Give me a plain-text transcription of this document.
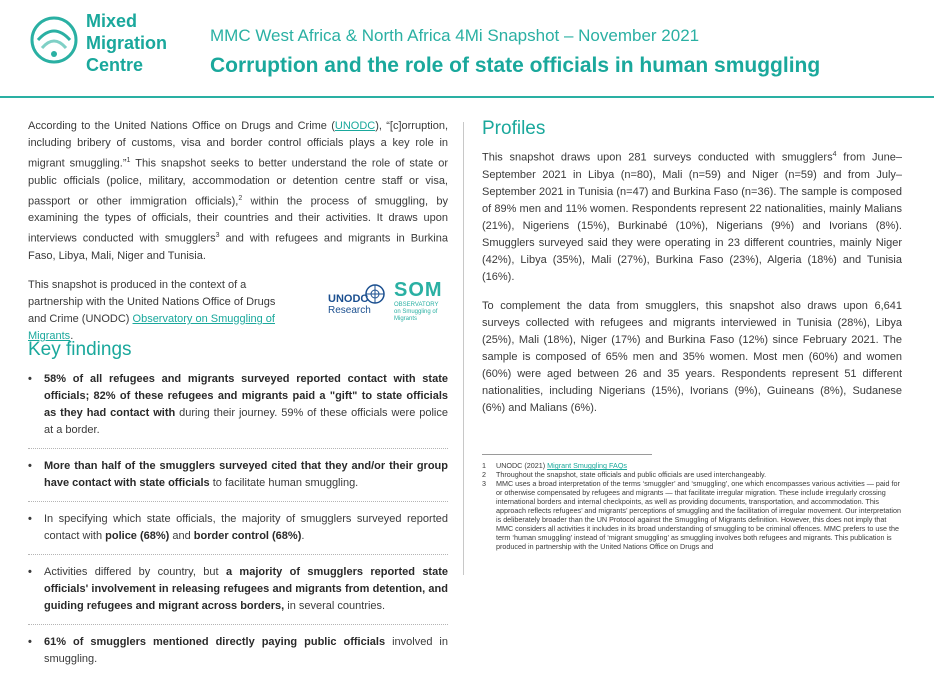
Mixed
Migration
Centre
MMC West Africa & North Africa 4Mi Snapshot – November 2021
Corruption and the role of state officials in human smuggling

According to the United Nations Office on Drugs and Crime (UNODC), “[c]orruption, including bribery of customs, visa and border control officials plays a key role in migrant smuggling.”$^1$ This snapshot seeks to better understand the role of state or public officials (police, military, accommodation or detention centre staff or visa, passport or other immigration officials),$^2$ within the process of smuggling, by examining the types of officials, their countries and their activities. It draws upon interviews conducted with smugglers$^3$ and with refugees and migrants in Burkina Faso, Libya, Mali, Niger and Tunisia.

This snapshot is produced in the context of a partnership with the United Nations Office of Drugs and Crime (UNODC) Observatory on Smuggling of Migrants.

UNODC
Research
SOM
OBSERVATORY
on Smuggling of Migrants
Key findings
• 58% of all refugees and migrants surveyed reported contact with state officials; 82% of these refugees and migrants paid a "gift" to state officials as they had contact with during their journey. 59% of these officials were police at a border.
• More than half of the smugglers surveyed cited that they and/or their group have contact with state officials to facilitate human smuggling.
• In specifying which state officials, the majority of smugglers surveyed reported contact with police (68%) and border control (68%).
• Activities differed by country, but a majority of smugglers reported state officials' involvement in releasing refugees and migrants from detention, and guiding refugees and migrant across borders, in several countries.
• 61% of smugglers mentioned directly paying public officials involved in smuggling.
Profiles

This snapshot draws upon 281 surveys conducted with smugglers$^4$ from June–September 2021 in Libya (n=80), Mali (n=59) and Niger (n=59) and from July–September 2021 in Tunisia (n=47) and Burkina Faso (n=36). The sample is composed of 89% men and 11% women. Respondents represent 22 nationalities, mainly Malians (21%), Nigeriens (15%), Burkinabé (10%), Nigerians (9%) and Ivorians (8%). Smugglers surveyed said they were operating in 23 different countries, mainly Niger (42%), Libya (35%), Mali (27%), Burkina Faso (23%), Algeria (18%) and Tunisia (16%).

To complement the data from smugglers, this snapshot also draws upon 6,641 surveys collected with refugees and migrants interviewed in Tunisia (28%), Libya (25%), Mali (18%), Niger (17%) and Burkina Faso (12%) since February 2021. The sample is composed of 65% men and 35% women. Most men (60%) and women (60%) were aged between 26 and 35 years. Respondents represent 51 different nationalities, including Nigerians (15%), Ivorians (9%), Guineans (8%), Sudanese (6%) and Malians (6%).

1 UNODC (2021) Migrant Smuggling FAQs
2 Throughout the snapshot, state officials and public officials are used interchangeably.
3 MMC uses a broad interpretation of the terms ‘smuggler’ and ‘smuggling’, one which encompasses various activities — paid for or otherwise compensated by refugees and migrants — that facilitate irregular migration. These include irregularly crossing international borders and internal checkpoints, as well as providing documents, transportation, and accommodation. This approach reflects refugees’ and migrants’ perceptions of smuggling and the facilitation of irregular movement. Our interpretation is deliberately broader than the UN Protocol against the Smuggling of Migrants definition. However, this does not imply that MMC considers all activities it includes in its broad understanding of smuggling to be criminal offences. MMC prefers to use the term ‘human smuggling’ instead of ‘migrant smuggling’ as smuggling involves both refugees and migrants. This publication is produced in partnership with the United Nations Office on Drugs and
